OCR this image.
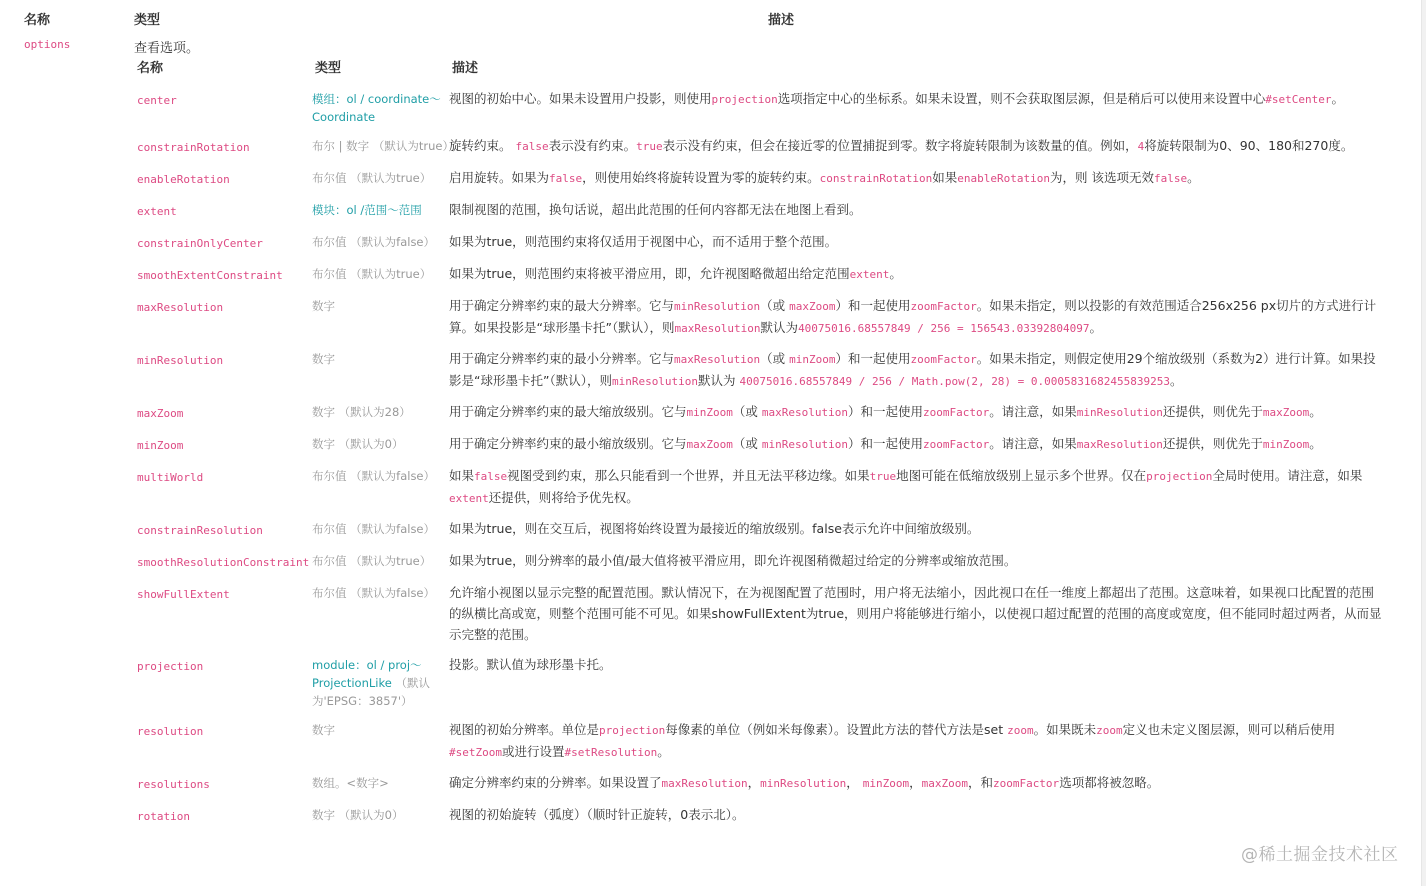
名称	类型	描述
options	查看选项。
名称	类型	描述
center	模组：ol / coordinate〜Coordinate	视图的初始中心。如果未设置用户投影，则使用projection选项指定中心的坐标系。如果未设置，则不会获取图层源，但是稍后可以使用来设置中心#setCenter。
constrainRotation	布尔 | 数字 （默认为true）	旋转约束。 false表示没有约束。true表示没有约束，但会在接近零的位置捕捉到零。数字将旋转限制为该数量的值。例如，4将旋转限制为0、90、180和270度。
enableRotation	布尔值 （默认为true）	启用旋转。如果为false，则使用始终将旋转设置为零的旋转约束。constrainRotation如果enableRotation为，则 该选项无效false。
extent	模块：ol /范围〜范围	限制视图的范围，换句话说，超出此范围的任何内容都无法在地图上看到。
constrainOnlyCenter	布尔值 （默认为false）	如果为true，则范围约束将仅适用于视图中心，而不适用于整个范围。
smoothExtentConstraint	布尔值 （默认为true）	如果为true，则范围约束将被平滑应用，即，允许视图略微超出给定范围extent。
maxResolution	数字	用于确定分辨率约束的最大分辨率。它与minResolution（或 maxZoom）和一起使用zoomFactor。如果未指定，则以投影的有效范围适合256x256 px切片的方式进行计算。如果投影是“球形墨卡托”（默认），则maxResolution默认为40075016.68557849 / 256 = 156543.03392804097。
minResolution	数字	用于确定分辨率约束的最小分辨率。它与maxResolution（或 minZoom）和一起使用zoomFactor。如果未指定，则假定使用29个缩放级别（系数为2）进行计算。如果投影是“球形墨卡托”（默认），则minResolution默认为 40075016.68557849 / 256 / Math.pow(2, 28) = 0.0005831682455839253。
maxZoom	数字 （默认为28）	用于确定分辨率约束的最大缩放级别。它与minZoom（或 maxResolution）和一起使用zoomFactor。请注意，如果minResolution还提供，则优先于maxZoom。
minZoom	数字 （默认为0）	用于确定分辨率约束的最小缩放级别。它与maxZoom（或 minResolution）和一起使用zoomFactor。请注意，如果maxResolution还提供，则优先于minZoom。
multiWorld	布尔值 （默认为false）	如果false视图受到约束，那么只能看到一个世界，并且无法平移边缘。如果true地图可能在低缩放级别上显示多个世界。仅在projection全局时使用。请注意，如果extent还提供，则将给予优先权。
constrainResolution	布尔值 （默认为false）	如果为true，则在交互后，视图将始终设置为最接近的缩放级别。false表示允许中间缩放级别。
smoothResolutionConstraint	布尔值 （默认为true）	如果为true，则分辨率的最小值/最大值将被平滑应用，即允许视图稍微超过给定的分辨率或缩放范围。
showFullExtent	布尔值 （默认为false）	允许缩小视图以显示完整的配置范围。默认情况下，在为视图配置了范围时，用户将无法缩小，因此视口在任一维度上都超出了范围。这意味着，如果视口比配置的范围的纵横比高或宽，则整个范围可能不可见。如果showFullExtent为true，则用户将能够进行缩小，以使视口超过配置的范围的高度或宽度，但不能同时超过两者，从而显示完整的范围。
projection	module：ol / proj〜ProjectionLike （默认为'EPSG：3857'）	投影。默认值为球形墨卡托。
resolution	数字	视图的初始分辨率。单位是projection每像素的单位（例如米每像素）。设置此方法的替代方法是set zoom。如果既未zoom定义也未定义图层源，则可以稍后使用#setZoom或进行设置#setResolution。
resolutions	数组。<数字>	确定分辨率约束的分辨率。如果设置了maxResolution，minResolution， minZoom，maxZoom，和zoomFactor选项都将被忽略。
rotation	数字 （默认为0）	视图的初始旋转（弧度）（顺时针正旋转，0表示北）。
@稀土掘金技术社区
